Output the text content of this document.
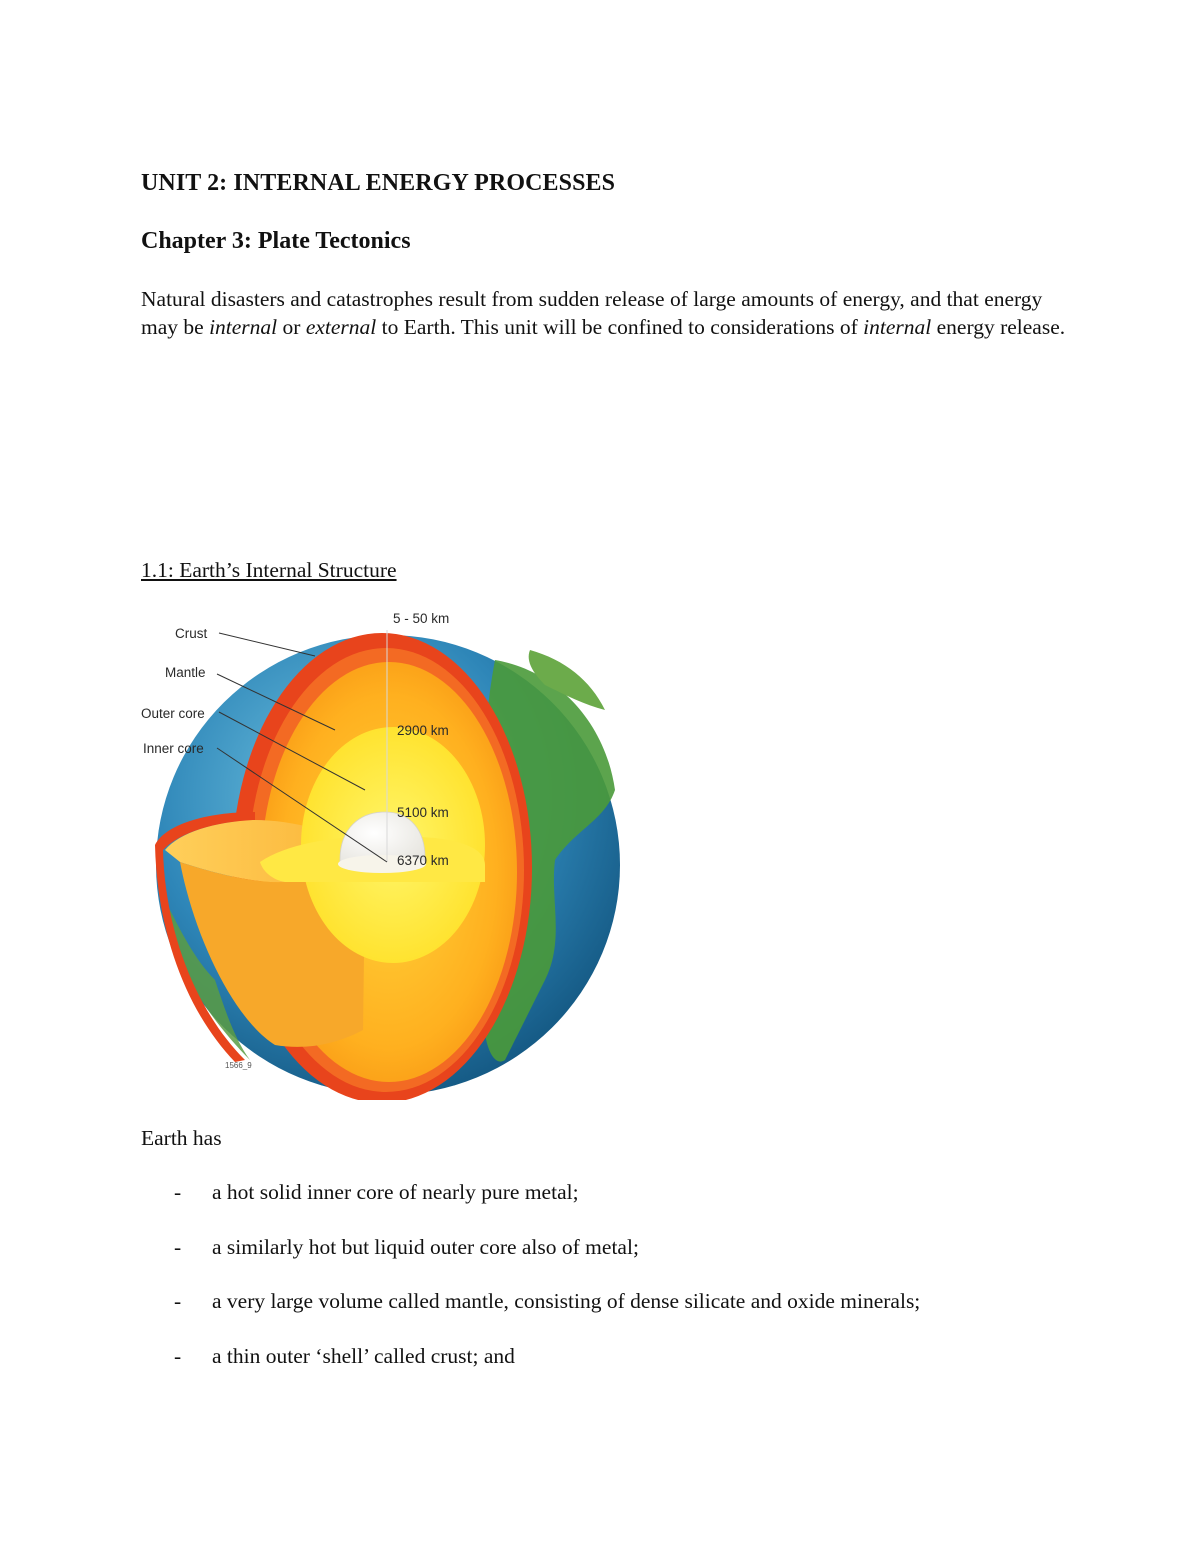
UNIT 2: INTERNAL ENERGY PROCESSES
Chapter 3: Plate Tectonics

Natural disasters and catastrophes result from sudden release of large amounts of energy, and that energy may be internal or external to Earth. This unit will be confined to considerations of internal energy release.

1.1: Earth’s Internal Structure
Crust
Mantle
Outer core
Inner core
5 - 50 km
2900 km
5100 km
6370 km
1566_9

Earth has

- a hot solid inner core of nearly pure metal;
- a similarly hot but liquid outer core also of metal;
- a very large volume called mantle, consisting of dense silicate and oxide minerals;
- a thin outer ‘shell’ called crust; and
